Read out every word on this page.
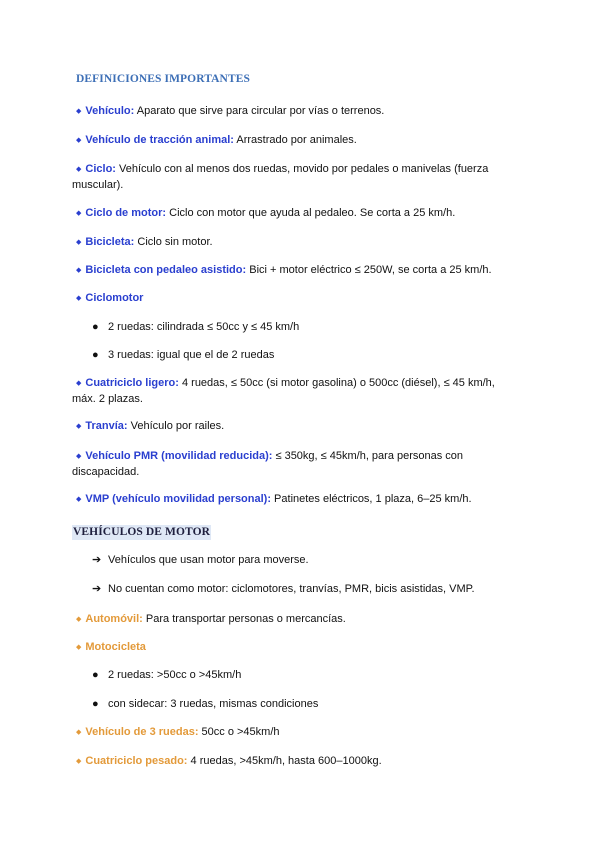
DEFINICIONES IMPORTANTES
◆ Vehículo: Aparato que sirve para circular por vías o terrenos.
◆ Vehículo de tracción animal: Arrastrado por animales.
◆ Ciclo: Vehículo con al menos dos ruedas, movido por pedales o manivelas (fuerza muscular).
◆ Ciclo de motor: Ciclo con motor que ayuda al pedaleo. Se corta a 25 km/h.
◆ Bicicleta: Ciclo sin motor.
◆ Bicicleta con pedaleo asistido: Bici + motor eléctrico ≤ 250W, se corta a 25 km/h.
◆ Ciclomotor
● 2 ruedas: cilindrada ≤ 50cc y ≤ 45 km/h
● 3 ruedas: igual que el de 2 ruedas
◆ Cuatriciclo ligero: 4 ruedas, ≤ 50cc (si motor gasolina) o 500cc (diésel), ≤ 45 km/h, máx. 2 plazas.
◆ Tranvía: Vehículo por railes.
◆ Vehículo PMR (movilidad reducida): ≤ 350kg, ≤ 45km/h, para personas con discapacidad.
◆ VMP (vehículo movilidad personal): Patinetes eléctricos, 1 plaza, 6–25 km/h.
VEHÍCULOS DE MOTOR
➔ Vehículos que usan motor para moverse.
➔ No cuentan como motor: ciclomotores, tranvías, PMR, bicis asistidas, VMP.
◆ Automóvil: Para transportar personas o mercancías.
◆ Motocicleta
● 2 ruedas: >50cc o >45km/h
● con sidecar: 3 ruedas, mismas condiciones
◆ Vehículo de 3 ruedas: 50cc o >45km/h
◆ Cuatriciclo pesado: 4 ruedas, >45km/h, hasta 600–1000kg.
